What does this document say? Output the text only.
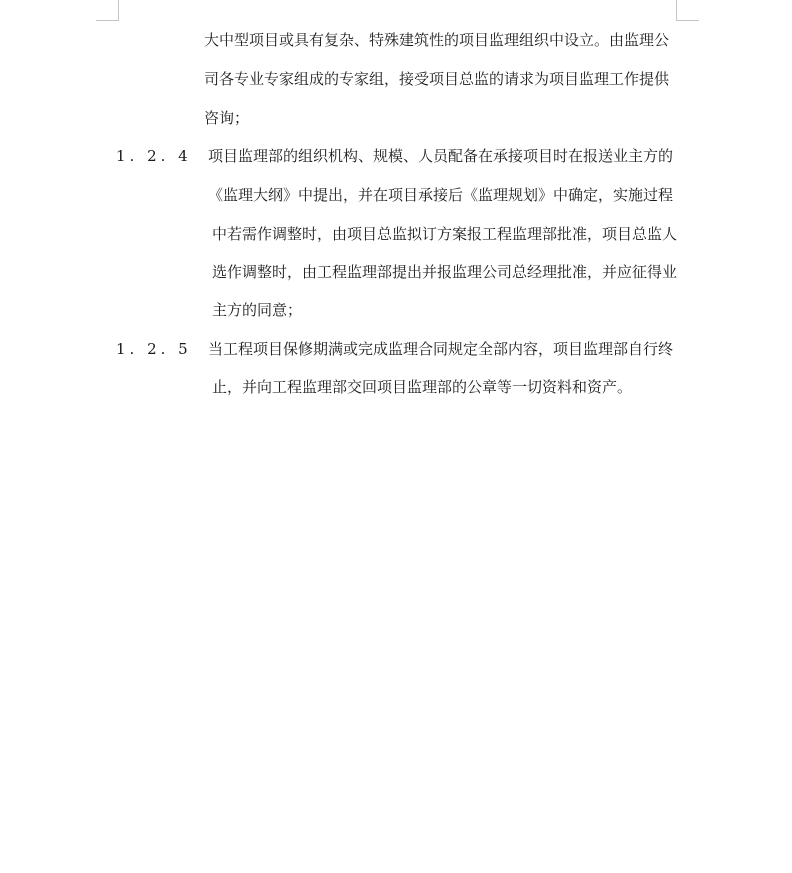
大中型项目或具有复杂、特殊建筑性的项目监理组织中设立。由监理公
司各专业专家组成的专家组，接受项目总监的请求为项目监理工作提供
咨询；
1. 2. 4 项目监理部的组织机构、规模、人员配备在承接项目时在报送业主方的
《监理大纲》中提出，并在项目承接后《监理规划》中确定，实施过程
中若需作调整时，由项目总监拟订方案报工程监理部批准，项目总监人
选作调整时，由工程监理部提出并报监理公司总经理批准，并应征得业
主方的同意；
1. 2. 5 当工程项目保修期满或完成监理合同规定全部内容，项目监理部自行终
止，并向工程监理部交回项目监理部的公章等一切资料和资产。
